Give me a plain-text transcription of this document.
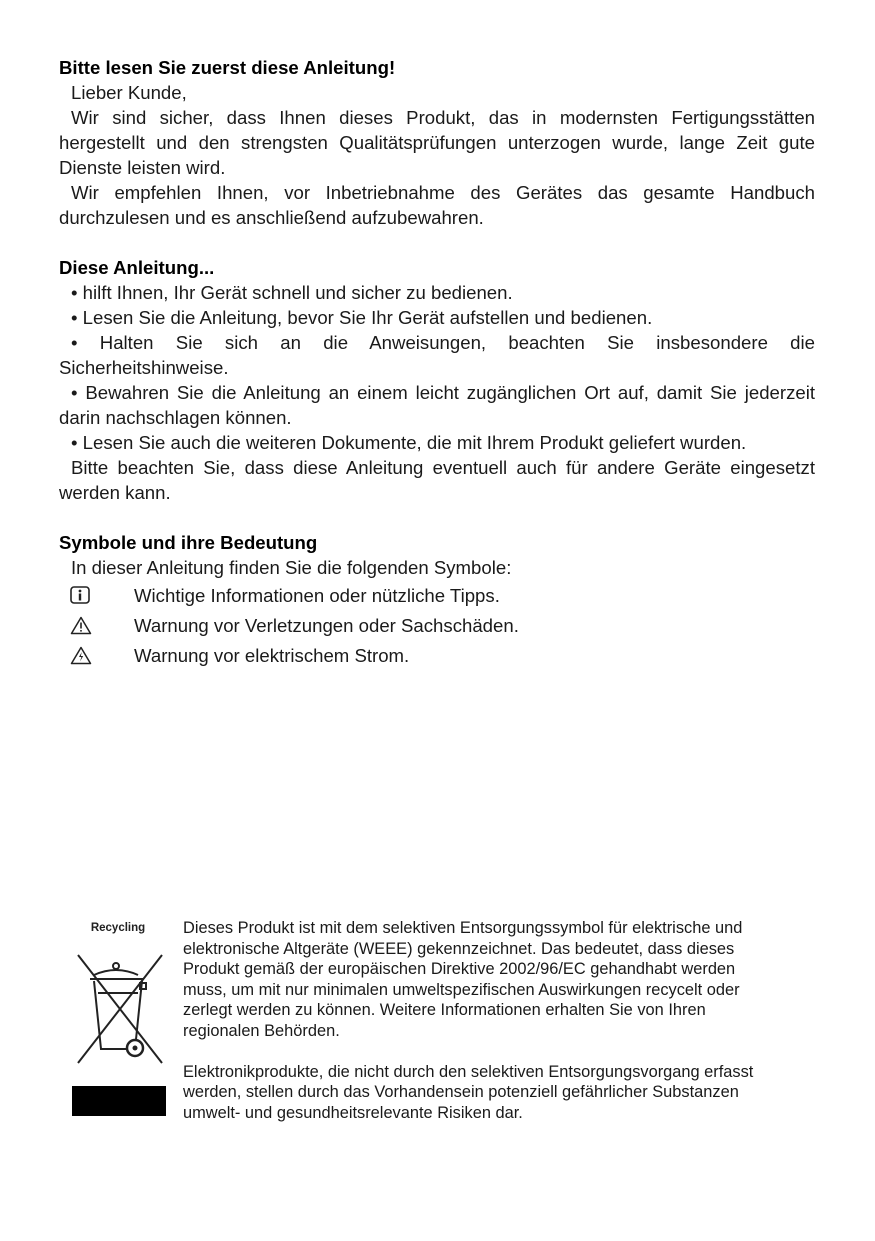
Bitte lesen Sie zuerst diese Anleitung!

Lieber Kunde,

Wir sind sicher, dass Ihnen dieses Produkt, das in modernsten Fertigungsstätten hergestellt und den strengsten Qualitätsprüfungen unterzogen wurde, lange Zeit gute Dienste leisten wird.

Wir empfehlen Ihnen, vor Inbetriebnahme des Gerätes das gesamte Handbuch durchzulesen und es anschließend aufzubewahren.

Diese Anleitung...

• hilft Ihnen, Ihr Gerät schnell und sicher zu bedienen.

• Lesen Sie die Anleitung, bevor Sie Ihr Gerät aufstellen und bedienen.

• Halten Sie sich an die Anweisungen, beachten Sie insbesondere die Sicherheitshinweise.

• Bewahren Sie die Anleitung an einem leicht zugänglichen Ort auf, damit Sie jederzeit darin nachschlagen können.

• Lesen Sie auch die weiteren Dokumente, die mit Ihrem Produkt geliefert wurden.

Bitte beachten Sie, dass diese Anleitung eventuell auch für andere Geräte eingesetzt werden kann.

Symbole und ihre Bedeutung

In dieser Anleitung finden Sie die folgenden Symbole:

Wichtige Informationen oder nützliche Tipps.
Warnung vor Verletzungen oder Sachschäden.
Warnung vor elektrischem Strom.

Recycling	Dieses Produkt ist mit dem selektiven Entsorgungssymbol für elektrische und elektronische Altgeräte (WEEE) gekennzeichnet. Das bedeutet, dass dieses Produkt gemäß der europäischen Direktive 2002/96/EC gehandhabt werden muss, um mit nur minimalen umweltspezifischen Auswirkungen recycelt oder zerlegt werden zu können. Weitere Informationen erhalten Sie von Ihren regionalen Behörden.

Elektronikprodukte, die nicht durch den selektiven Entsorgungsvorgang erfasst werden, stellen durch das Vorhandensein potenziell gefährlicher Substanzen umwelt- und gesundheitsrelevante Risiken dar.
